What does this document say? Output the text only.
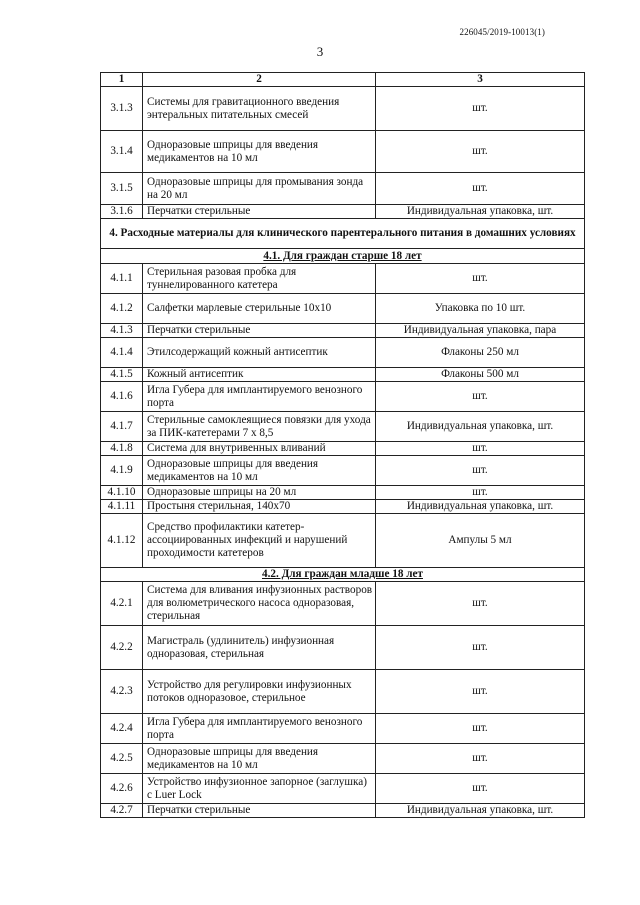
226045/2019-10013(1)
3
1	2	3
3.1.3	Системы для гравитационного введения энтеральных питательных смесей	шт.
3.1.4	Одноразовые шприцы для введения медикаментов на 10 мл	шт.
3.1.5	Одноразовые шприцы для промывания зонда на 20 мл	шт.
3.1.6	Перчатки стерильные	Индивидуальная упаковка, шт.
4. Расходные материалы для клинического парентерального питания в домашних условиях		
4.1. Для граждан старше 18 лет		
4.1.1	Стерильная разовая пробка для туннелированного катетера	шт.
4.1.2	Салфетки марлевые стерильные 10х10	Упаковка по 10 шт.
4.1.3	Перчатки стерильные	Индивидуальная упаковка, пара
4.1.4	Этилсодержащий кожный антисептик	Флаконы 250 мл
4.1.5	Кожный антисептик	Флаконы 500 мл
4.1.6	Игла Губера для имплантируемого венозного порта	шт.
4.1.7	Стерильные самоклеящиеся повязки для ухода за ПИК-катетерами 7 х 8,5	Индивидуальная упаковка, шт.
4.1.8	Система для внутривенных вливаний	шт.
4.1.9	Одноразовые шприцы для введения медикаментов на 10 мл	шт.
4.1.10	Одноразовые шприцы на 20 мл	шт.
4.1.11	Простыня стерильная, 140х70	Индивидуальная упаковка, шт.
4.1.12	Средство профилактики катетер-ассоциированных инфекций и нарушений проходимости катетеров	Ампулы 5 мл
4.2. Для граждан младше 18 лет		
4.2.1	Система для вливания инфузионных растворов для волюметрического насоса одноразовая, стерильная	шт.
4.2.2	Магистраль (удлинитель) инфузионная одноразовая, стерильная	шт.
4.2.3	Устройство для регулировки инфузионных потоков одноразовое, стерильное	шт.
4.2.4	Игла Губера для имплантируемого венозного порта	шт.
4.2.5	Одноразовые шприцы для введения медикаментов на 10 мл	шт.
4.2.6	Устройство инфузионное запорное (заглушка) с Luer Lock	шт.
4.2.7	Перчатки стерильные	Индивидуальная упаковка, шт.
